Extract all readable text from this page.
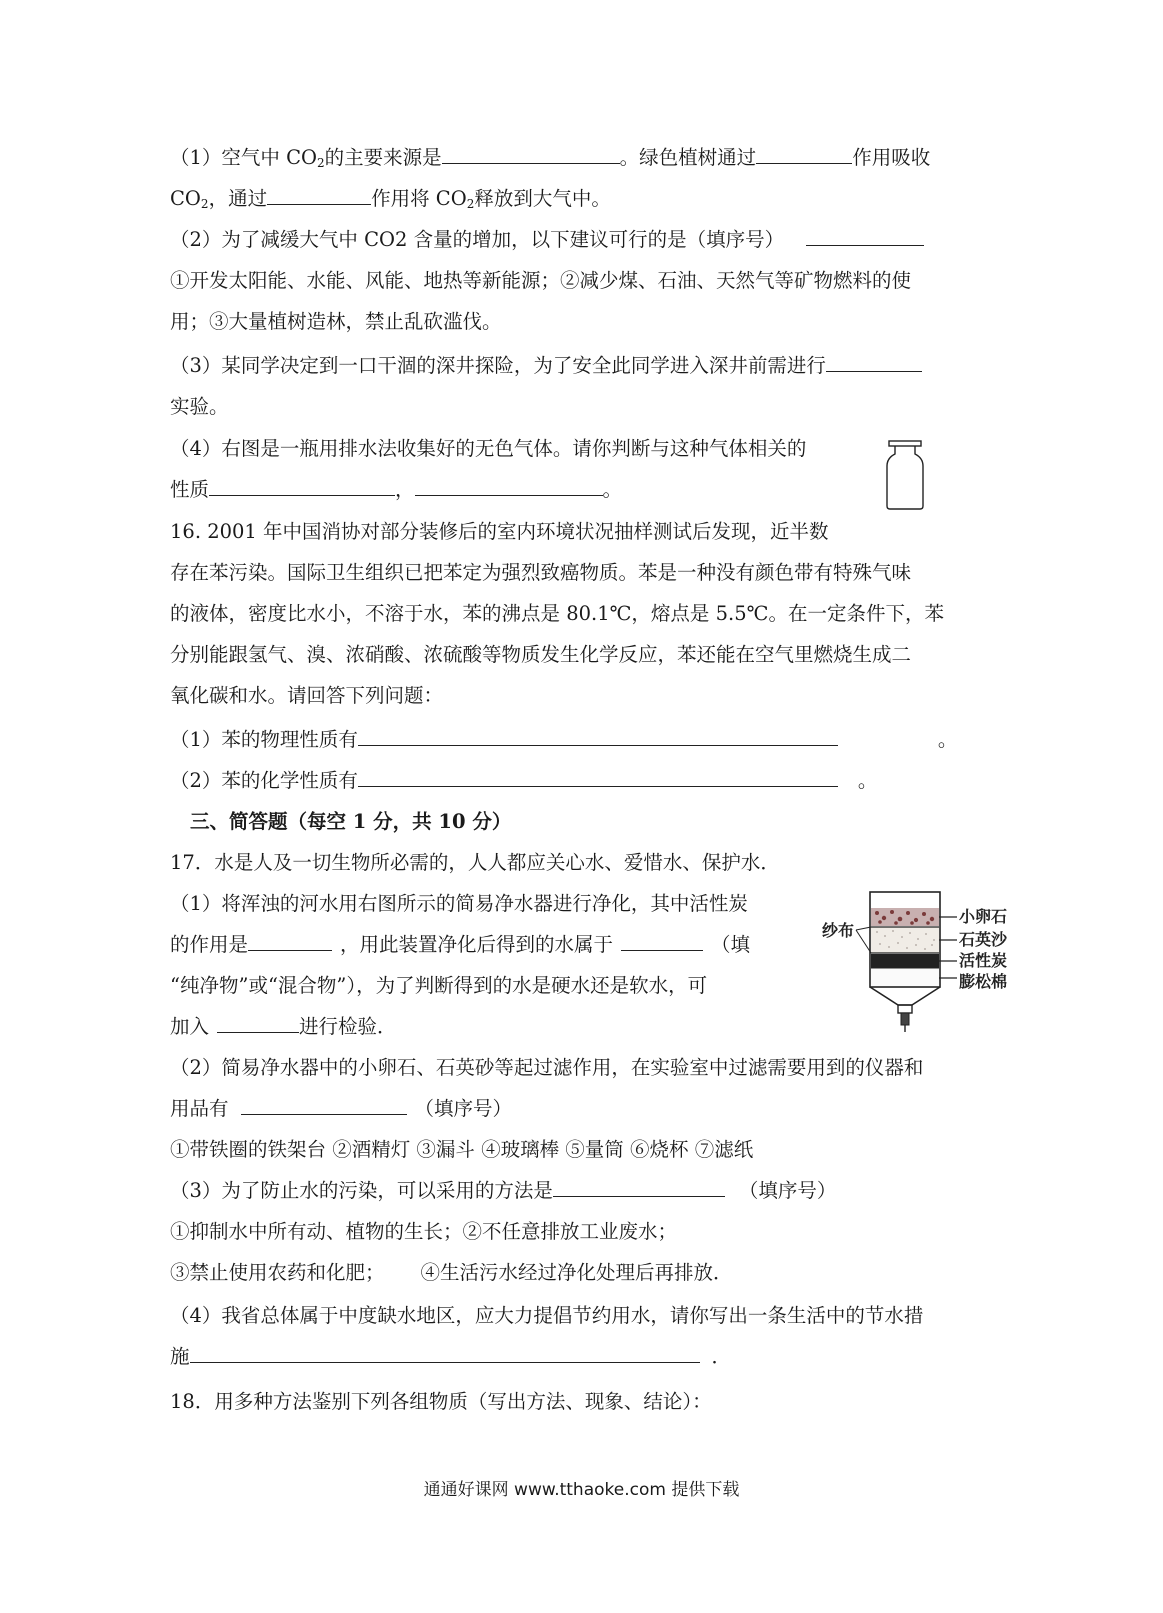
（1）空气中 $CO_2$的主要来源是	。绿色植树通过	作用吸收
$CO_2$，通过	作用将 $CO_2$释放到大气中。
（2）为了减缓大气中 CO2 含量的增加，以下建议可行的是（填序号）
①开发太阳能、水能、风能、地热等新能源；②减少煤、石油、天然气等矿物燃料的使
用；③大量植树造林，禁止乱砍滥伐。
（3）某同学决定到一口干涸的深井探险，为了安全此同学进入深井前需进行
实验。
（4）右图是一瓶用排水法收集好的无色气体。请你判断与这种气体相关的
性质	，	。
16. 2001 年中国消协对部分装修后的室内环境状况抽样测试后发现，近半数
存在苯污染。国际卫生组织已把苯定为强烈致癌物质。苯是一种没有颜色带有特殊气味
的液体，密度比水小，不溶于水，苯的沸点是 80.1℃，熔点是 5.5℃。在一定条件下，苯
分别能跟氢气、溴、浓硝酸、浓硫酸等物质发生化学反应，苯还能在空气里燃烧生成二
氧化碳和水。请回答下列问题：
（1）苯的物理性质有	。
（2）苯的化学性质有	。
三、简答题（每空 1 分，共 10 分）
17．水是人及一切生物所必需的，人人都应关心水、爱惜水、保护水．
（1）将浑浊的河水用右图所示的简易净水器进行净化，其中活性炭
的作用是	，用此装置净化后得到的水属于	（填
“纯净物”或“混合物”），为了判断得到的水是硬水还是软水，可
加入	进行检验．
纱布
小卵石
石英沙
活性炭
膨松棉
（2）简易净水器中的小卵石、石英砂等起过滤作用，在实验室中过滤需要用到的仪器和
用品有	（填序号）
①带铁圈的铁架台 ②酒精灯 ③漏斗 ④玻璃棒 ⑤量筒 ⑥烧杯 ⑦滤纸
（3）为了防止水的污染，可以采用的方法是	（填序号）
①抑制水中所有动、植物的生长；②不任意排放工业废水；
③禁止使用农药和化肥； ④生活污水经过净化处理后再排放．
（4）我省总体属于中度缺水地区，应大力提倡节约用水，请你写出一条生活中的节水措
施	．
18．用多种方法鉴别下列各组物质（写出方法、现象、结论）：
通通好课网 www.tthaoke.com 提供下载
